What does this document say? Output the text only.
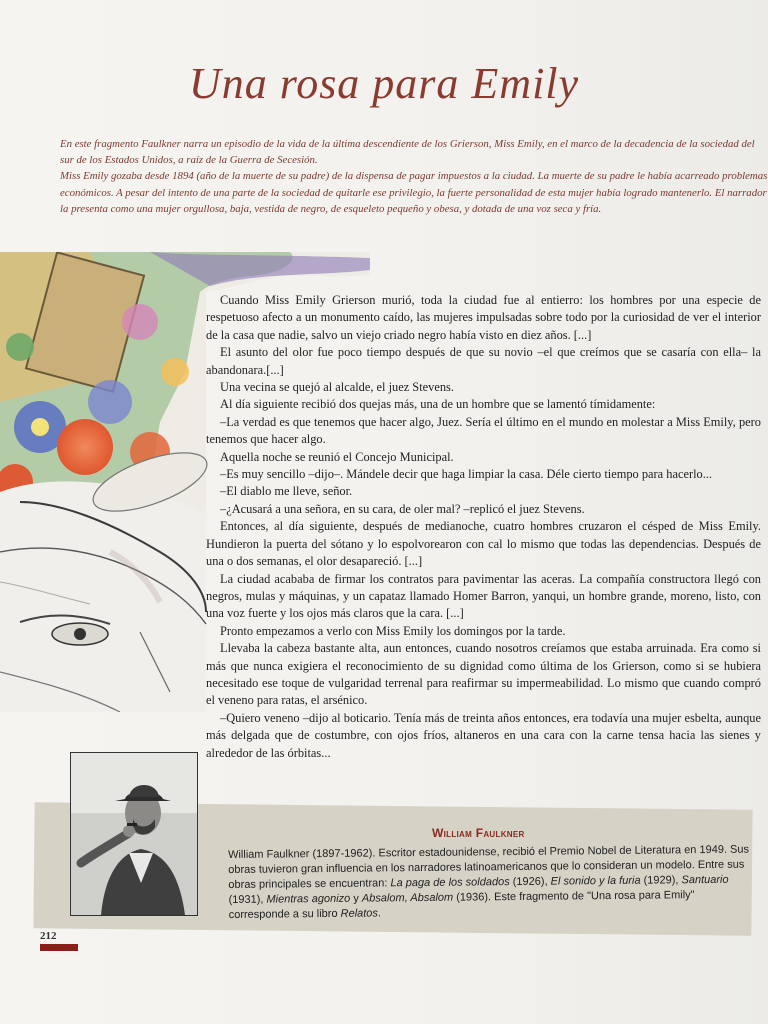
Una rosa para Emily

En este fragmento Faulkner narra un episodio de la vida de la última descendiente de los Grierson, Miss Emily, en el marco de la decadencia de la sociedad del sur de los Estados Unidos, a raíz de la Guerra de Secesión.

Miss Emily gozaba desde 1894 (año de la muerte de su padre) de la dispensa de pagar impuestos a la ciudad. La muerte de su padre le había acarreado problemas económicos. A pesar del intento de una parte de la sociedad de quitarle ese privilegio, la fuerte personalidad de esta mujer había logrado mantenerlo. El narrador la presenta como una mujer orgullosa, baja, vestida de negro, de esqueleto pequeño y obesa, y dotada de una voz seca y fría.

Cuando Miss Emily Grierson murió, toda la ciudad fue al entierro: los hombres por una especie de respetuoso afecto a un monumento caído, las mujeres impulsadas sobre todo por la curiosidad de ver el interior de la casa que nadie, salvo un viejo criado negro había visto en diez años. [...]

El asunto del olor fue poco tiempo después de que su novio –el que creímos que se casaría con ella– la abandonara.[...]

Una vecina se quejó al alcalde, el juez Stevens.

Al día siguiente recibió dos quejas más, una de un hombre que se lamentó tímidamente:

–La verdad es que tenemos que hacer algo, Juez. Sería el último en el mundo en molestar a Miss Emily, pero tenemos que hacer algo.

Aquella noche se reunió el Concejo Municipal.

–Es muy sencillo –dijo–. Mándele decir que haga limpiar la casa. Déle cierto tiempo para hacerlo...

–El diablo me lleve, señor.

–¿Acusará a una señora, en su cara, de oler mal? –replicó el juez Stevens.

Entonces, al día siguiente, después de medianoche, cuatro hombres cruzaron el césped de Miss Emily. Hundieron la puerta del sótano y lo espolvorearon con cal lo mismo que todas las dependencias. Después de una o dos semanas, el olor desapareció. [...]

La ciudad acababa de firmar los contratos para pavimentar las aceras. La compañía constructora llegó con negros, mulas y máquinas, y un capataz llamado Homer Barron, yanqui, un hombre grande, moreno, listo, con una voz fuerte y los ojos más claros que la cara. [...]

Pronto empezamos a verlo con Miss Emily los domingos por la tarde.

Llevaba la cabeza bastante alta, aun entonces, cuando nosotros creíamos que estaba arruinada. Era como si más que nunca exigiera el reconocimiento de su dignidad como última de los Grierson, como si se hubiera necesitado ese toque de vulgaridad terrenal para reafirmar su impermeabilidad. Lo mismo que cuando compró el veneno para ratas, el arsénico.

–Quiero veneno –dijo al boticario. Tenía más de treinta años entonces, era todavía una mujer esbelta, aunque más delgada que de costumbre, con ojos fríos, altaneros en una cara con la carne tensa hacia las sienes y alrededor de las órbitas...

William Faulkner
William Faulkner (1897-1962). Escritor estadounidense, recibió el Premio Nobel de Literatura en 1949. Sus obras tuvieron gran influencia en los narradores latinoamericanos que lo consideran un modelo. Entre sus obras principales se encuentran: La paga de los soldados (1926), El sonido y la furia (1929), Santuario (1931), Mientras agonizo y Absalom, Absalom (1936). Este fragmento de "Una rosa para Emily" corresponde a su libro Relatos.
212
